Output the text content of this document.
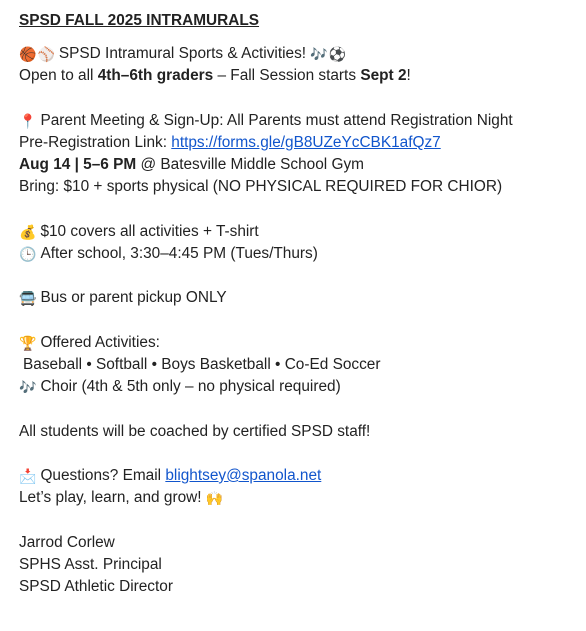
SPSD FALL 2025 INTRAMURALS
🏀⚾ SPSD Intramural Sports & Activities! 🎶⚽
Open to all 4th–6th graders – Fall Session starts Sept 2!
📍 Parent Meeting & Sign-Up: All Parents must attend Registration Night
Pre-Registration Link: https://forms.gle/gB8UZeYcCBK1afQz7
Aug 14 | 5–6 PM @ Batesville Middle School Gym
Bring: $10 + sports physical (NO PHYSICAL REQUIRED FOR CHIOR)
💰 $10 covers all activities + T-shirt
🕒 After school, 3:30–4:45 PM (Tues/Thurs)
🚍 Bus or parent pickup ONLY
🏆 Offered Activities:
Baseball • Softball • Boys Basketball • Co-Ed Soccer
🎶 Choir (4th & 5th only – no physical required)
All students will be coached by certified SPSD staff!
📩 Questions? Email blightsey@spanola.net
Let’s play, learn, and grow! 🙌
Jarrod Corlew
SPHS Asst. Principal
SPSD Athletic Director
